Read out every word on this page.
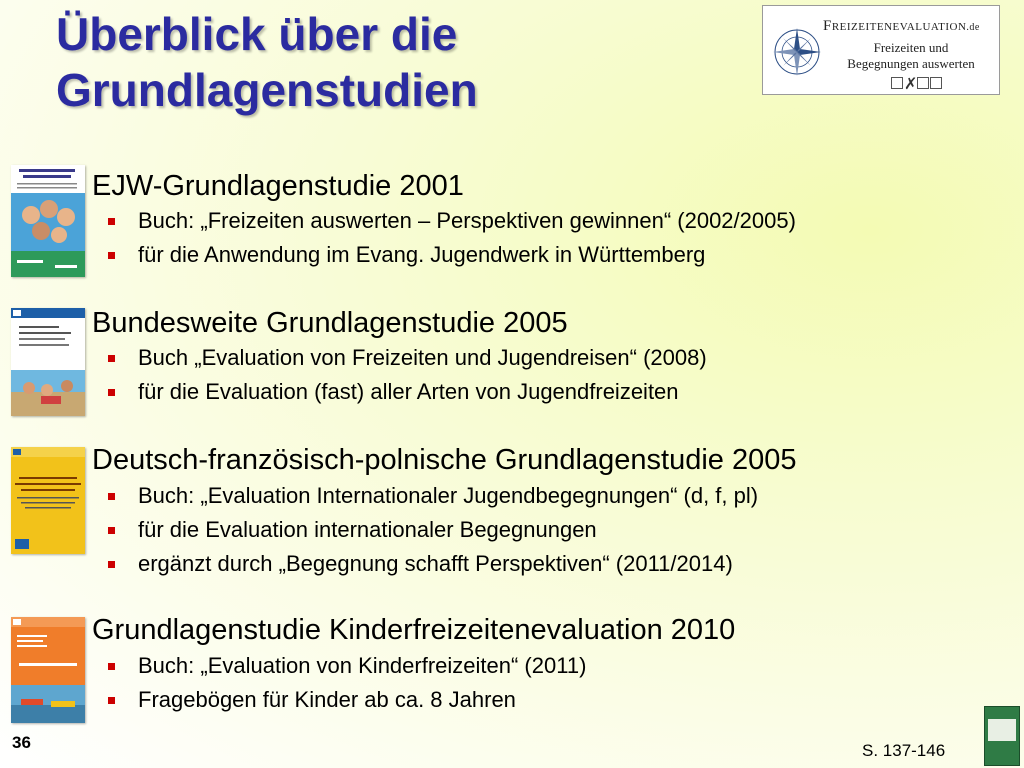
Überblick über die Grundlagenstudien
Freizeitenevaluation.de
Freizeiten und
Begegnungen auswerten
✗
EJW-Grundlagenstudie 2001
Buch: „Freizeiten auswerten – Perspektiven gewinnen“ (2002/2005)
für die Anwendung im Evang. Jugendwerk in Württemberg
Bundesweite Grundlagenstudie 2005
Buch „Evaluation von Freizeiten und Jugendreisen“ (2008)
für die Evaluation (fast) aller Arten von Jugendfreizeiten
Deutsch-französisch-polnische Grundlagenstudie 2005
Buch: „Evaluation Internationaler Jugendbegegnungen“ (d, f, pl)
für die Evaluation internationaler Begegnungen
ergänzt durch „Begegnung schafft Perspektiven“ (2011/2014)
Grundlagenstudie Kinderfreizeitenevaluation 2010
Buch: „Evaluation von Kinderfreizeiten“ (2011)
Fragebögen für Kinder ab ca. 8 Jahren
36	S. 137-146
